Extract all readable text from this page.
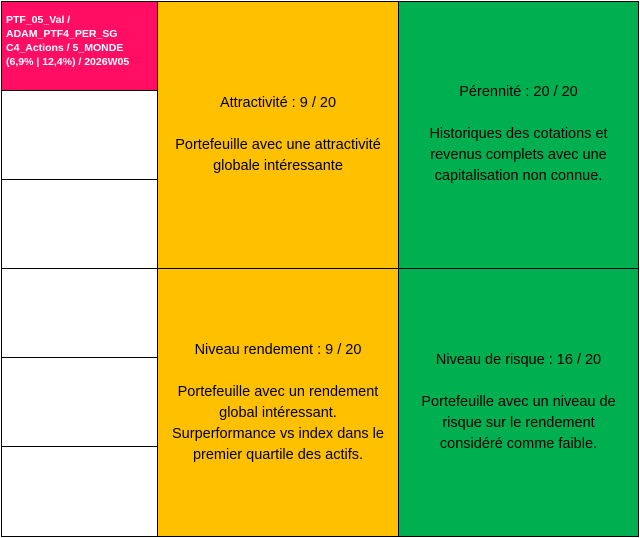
PTF_05_Val /
ADAM_PTF4_PER_SG
C4_Actions / 5_MONDE
(6,9% | 12,4%) / 2026W05
Attractivité : 9 / 20
Portefeuille avec une attractivité
globale intéressante
Pérennité : 20 / 20
Historiques des cotations et
revenus complets avec une
capitalisation non connue.
Niveau rendement : 9 / 20
Portefeuille avec un rendement
global intéressant.
Surperformance vs index dans le
premier quartile des actifs.
Niveau de risque : 16 / 20
Portefeuille avec un niveau de
risque sur le rendement
considéré comme faible.
